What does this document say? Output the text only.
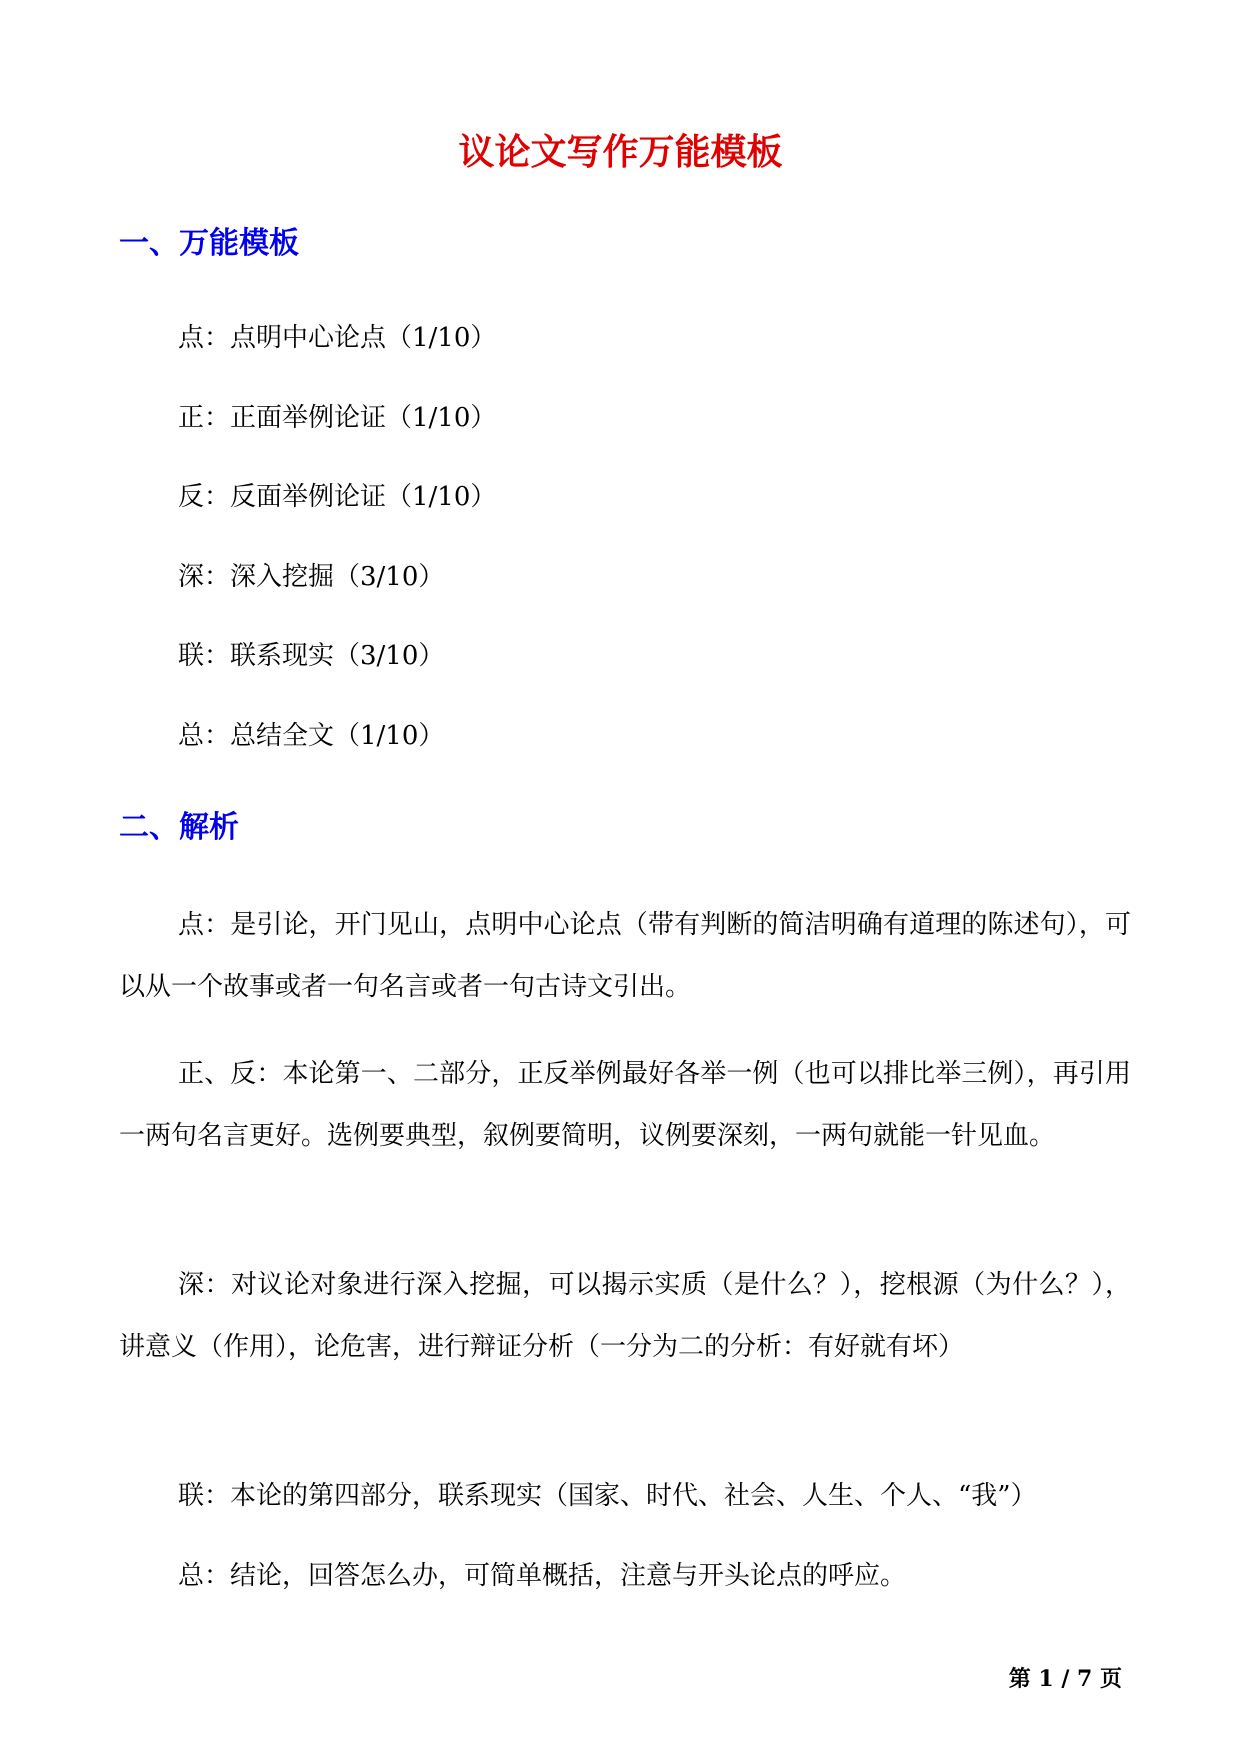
议论文写作万能模板
一、万能模板
点：点明中心论点（1/10）
正：正面举例论证（1/10）
反：反面举例论证（1/10）
深：深入挖掘（3/10）
联：联系现实（3/10）
总：总结全文（1/10）
二、解析
点：是引论，开门见山，点明中心论点（带有判断的简洁明确有道理的陈述句），可以从一个故事或者一句名言或者一句古诗文引出。
正、反：本论第一、二部分，正反举例最好各举一例（也可以排比举三例），再引用一两句名言更好。选例要典型，叙例要简明，议例要深刻，一两句就能一针见血。
深：对议论对象进行深入挖掘，可以揭示实质（是什么？），挖根源（为什么？），讲意义（作用），论危害，进行辩证分析（一分为二的分析：有好就有坏）
联：本论的第四部分，联系现实（国家、时代、社会、人生、个人、“我”）
总：结论，回答怎么办，可简单概括，注意与开头论点的呼应。
第 1 / 7 页
